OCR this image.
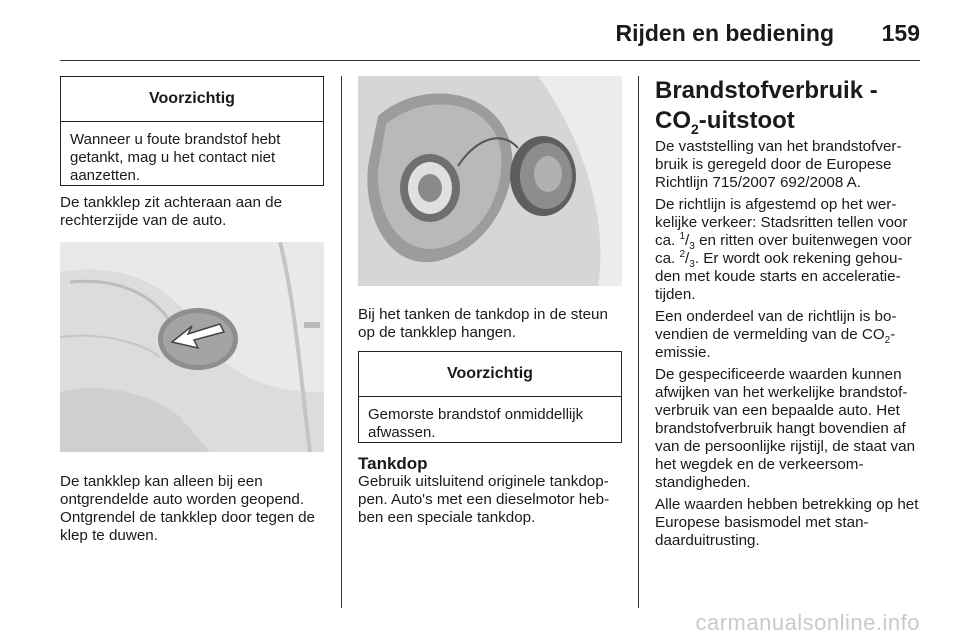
Rijden en bediening 159
Voorzichtig
Wanneer u foute brandstof hebt getankt, mag u het contact niet aanzetten.

De tankklep zit achteraan aan de rechterzijde van de auto.

De tankklep kan alleen bij een ontgrendelde auto worden geopend. Ontgrendel de tankklep door tegen de klep te duwen.

Bij het tanken de tankdop in de steun op de tankklep hangen.

Voorzichtig
Gemorste brandstof onmiddellijk afwassen.
Tankdop

Gebruik uitsluitend originele tankdoppen. Auto's met een dieselmotor hebben een speciale tankdop.

Brandstofverbruik -
$CO_2$-uitstoot

De vaststelling van het brandstofverbruik is geregeld door de Europese Richtlijn 715/2007 692/2008 A.

De richtlijn is afgestemd op het werkelijke verkeer: Stadsritten tellen voor ca. $^1/_3$ en ritten over buitenwegen voor ca. $^2/_3$. Er wordt ook rekening gehouden met koude starts en acceleratietijden.

Een onderdeel van de richtlijn is bovendien de vermelding van de $CO_2$-emissie.

De gespecificeerde waarden kunnen afwijken van het werkelijke brandstofverbruik van een bepaalde auto. Het brandstofverbruik hangt bovendien af van de persoonlijke rijstijl, de staat van het wegdek en de verkeersomstandigheden.

Alle waarden hebben betrekking op het Europese basismodel met standaarduitrusting.

carmanualsonline.info
